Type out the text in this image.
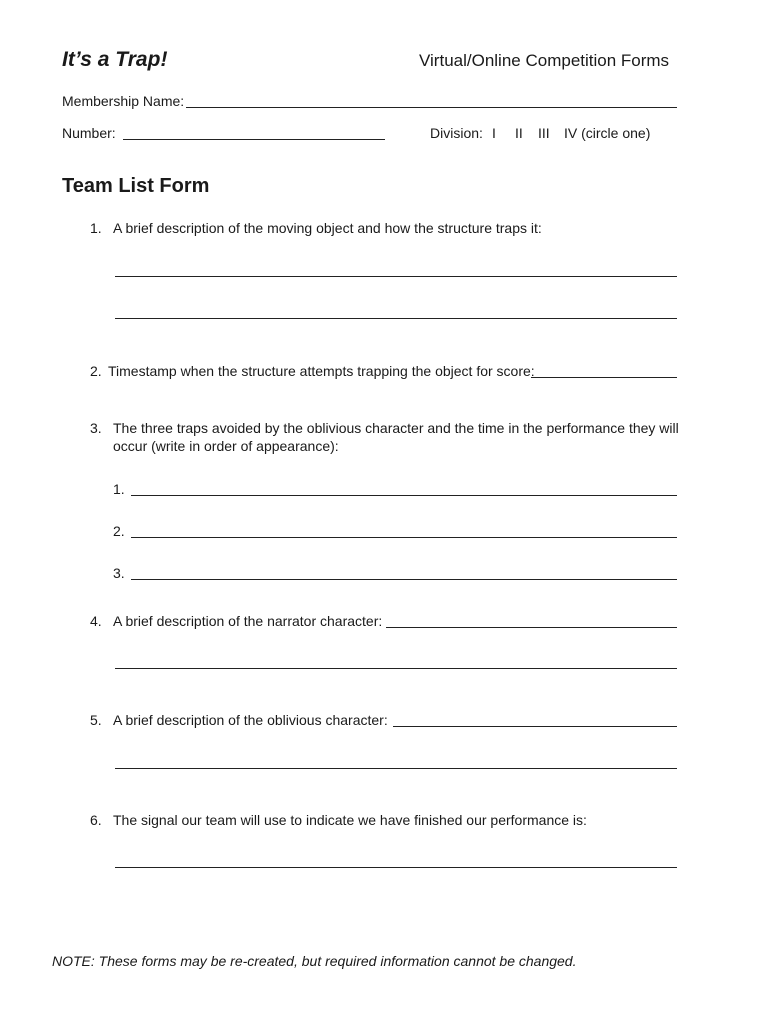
It’s a Trap!	Virtual/Online Competition Forms
Membership Name:
Number:	Division: I II III IV (circle one)
Team List Form
1. A brief description of the moving object and how the structure traps it:
2. Timestamp when the structure attempts trapping the object for score:
3. The three traps avoided by the oblivious character and the time in the performance they will
occur (write in order of appearance):
1.
2.
3.
4. A brief description of the narrator character:
5. A brief description of the oblivious character:
6. The signal our team will use to indicate we have finished our performance is:
NOTE: These forms may be re-created, but required information cannot be changed.
